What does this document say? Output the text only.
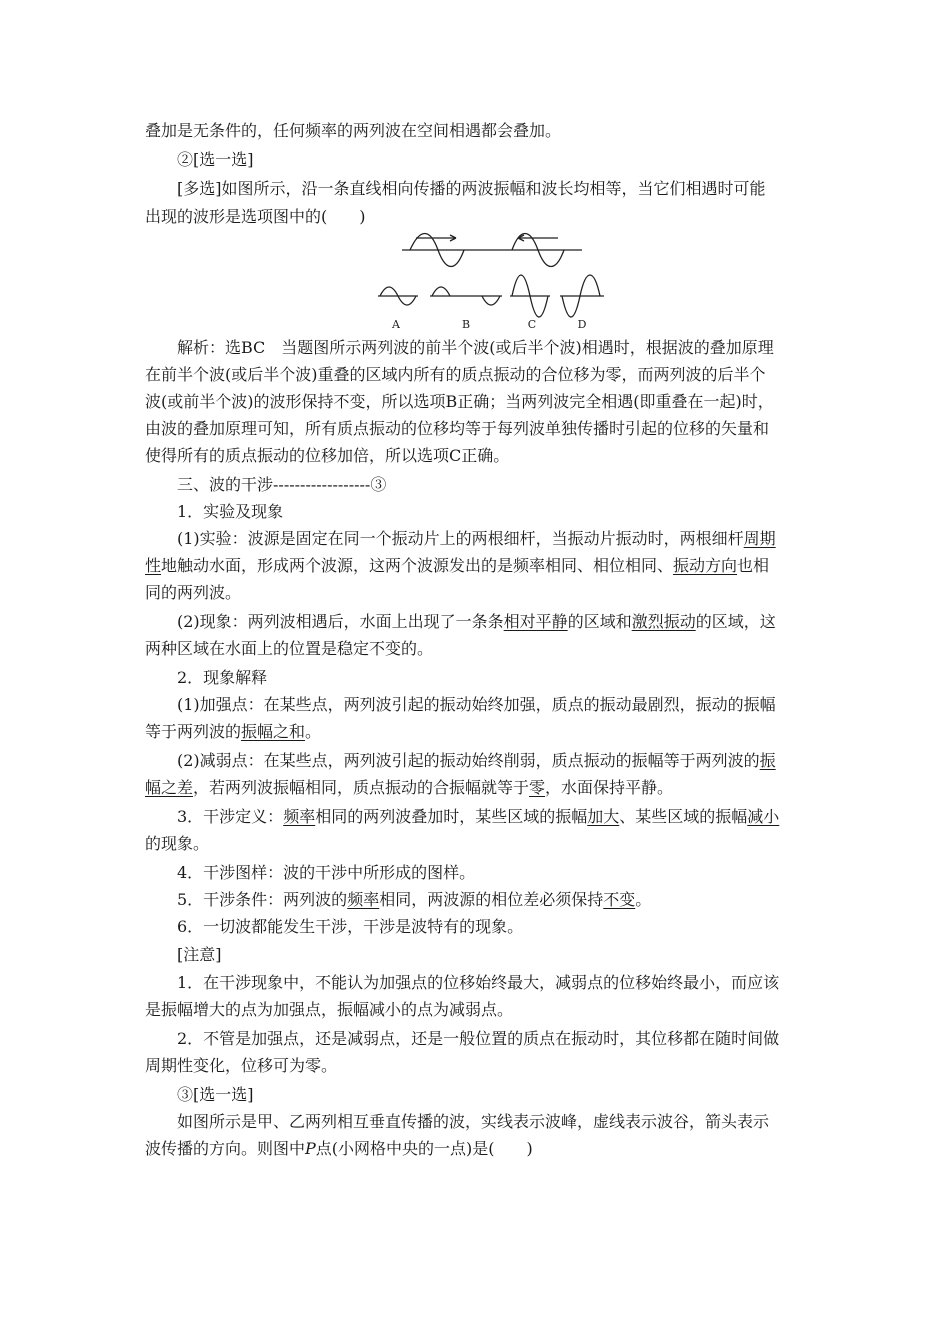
叠加是无条件的，任何频率的两列波在空间相遇都会叠加。
②[选一选]
[多选]如图所示，沿一条直线相向传播的两波振幅和波长均相等，当它们相遇时可能
出现的波形是选项图中的(　　)
A	B	C	D
解析：选BC　当题图所示两列波的前半个波(或后半个波)相遇时，根据波的叠加原理
在前半个波(或后半个波)重叠的区域内所有的质点振动的合位移为零，而两列波的后半个
波(或前半个波)的波形保持不变，所以选项B正确；当两列波完全相遇(即重叠在一起)时，
由波的叠加原理可知，所有质点振动的位移均等于每列波单独传播时引起的位移的矢量和
使得所有的质点振动的位移加倍，所以选项C正确。
三、波的干涉------------------③
1．实验及现象
(1)实验：波源是固定在同一个振动片上的两根细杆，当振动片振动时，两根细杆周期
性地触动水面，形成两个波源，这两个波源发出的是频率相同、相位相同、振动方向也相
同的两列波。
(2)现象：两列波相遇后，水面上出现了一条条相对平静的区域和激烈振动的区域，这
两种区域在水面上的位置是稳定不变的。
2．现象解释
(1)加强点：在某些点，两列波引起的振动始终加强，质点的振动最剧烈，振动的振幅
等于两列波的振幅之和。
(2)减弱点：在某些点，两列波引起的振动始终削弱，质点振动的振幅等于两列波的振
幅之差，若两列波振幅相同，质点振动的合振幅就等于零，水面保持平静。
3．干涉定义：频率相同的两列波叠加时，某些区域的振幅加大、某些区域的振幅减小
的现象。
4．干涉图样：波的干涉中所形成的图样。
5．干涉条件：两列波的频率相同，两波源的相位差必须保持不变。
6．一切波都能发生干涉，干涉是波特有的现象。
[注意]
1．在干涉现象中，不能认为加强点的位移始终最大，减弱点的位移始终最小，而应该
是振幅增大的点为加强点，振幅减小的点为减弱点。
2．不管是加强点，还是减弱点，还是一般位置的质点在振动时，其位移都在随时间做
周期性变化，位移可为零。
③[选一选]
如图所示是甲、乙两列相互垂直传播的波，实线表示波峰，虚线表示波谷，箭头表示
波传播的方向。则图中P点(小网格中央的一点)是(　　)
